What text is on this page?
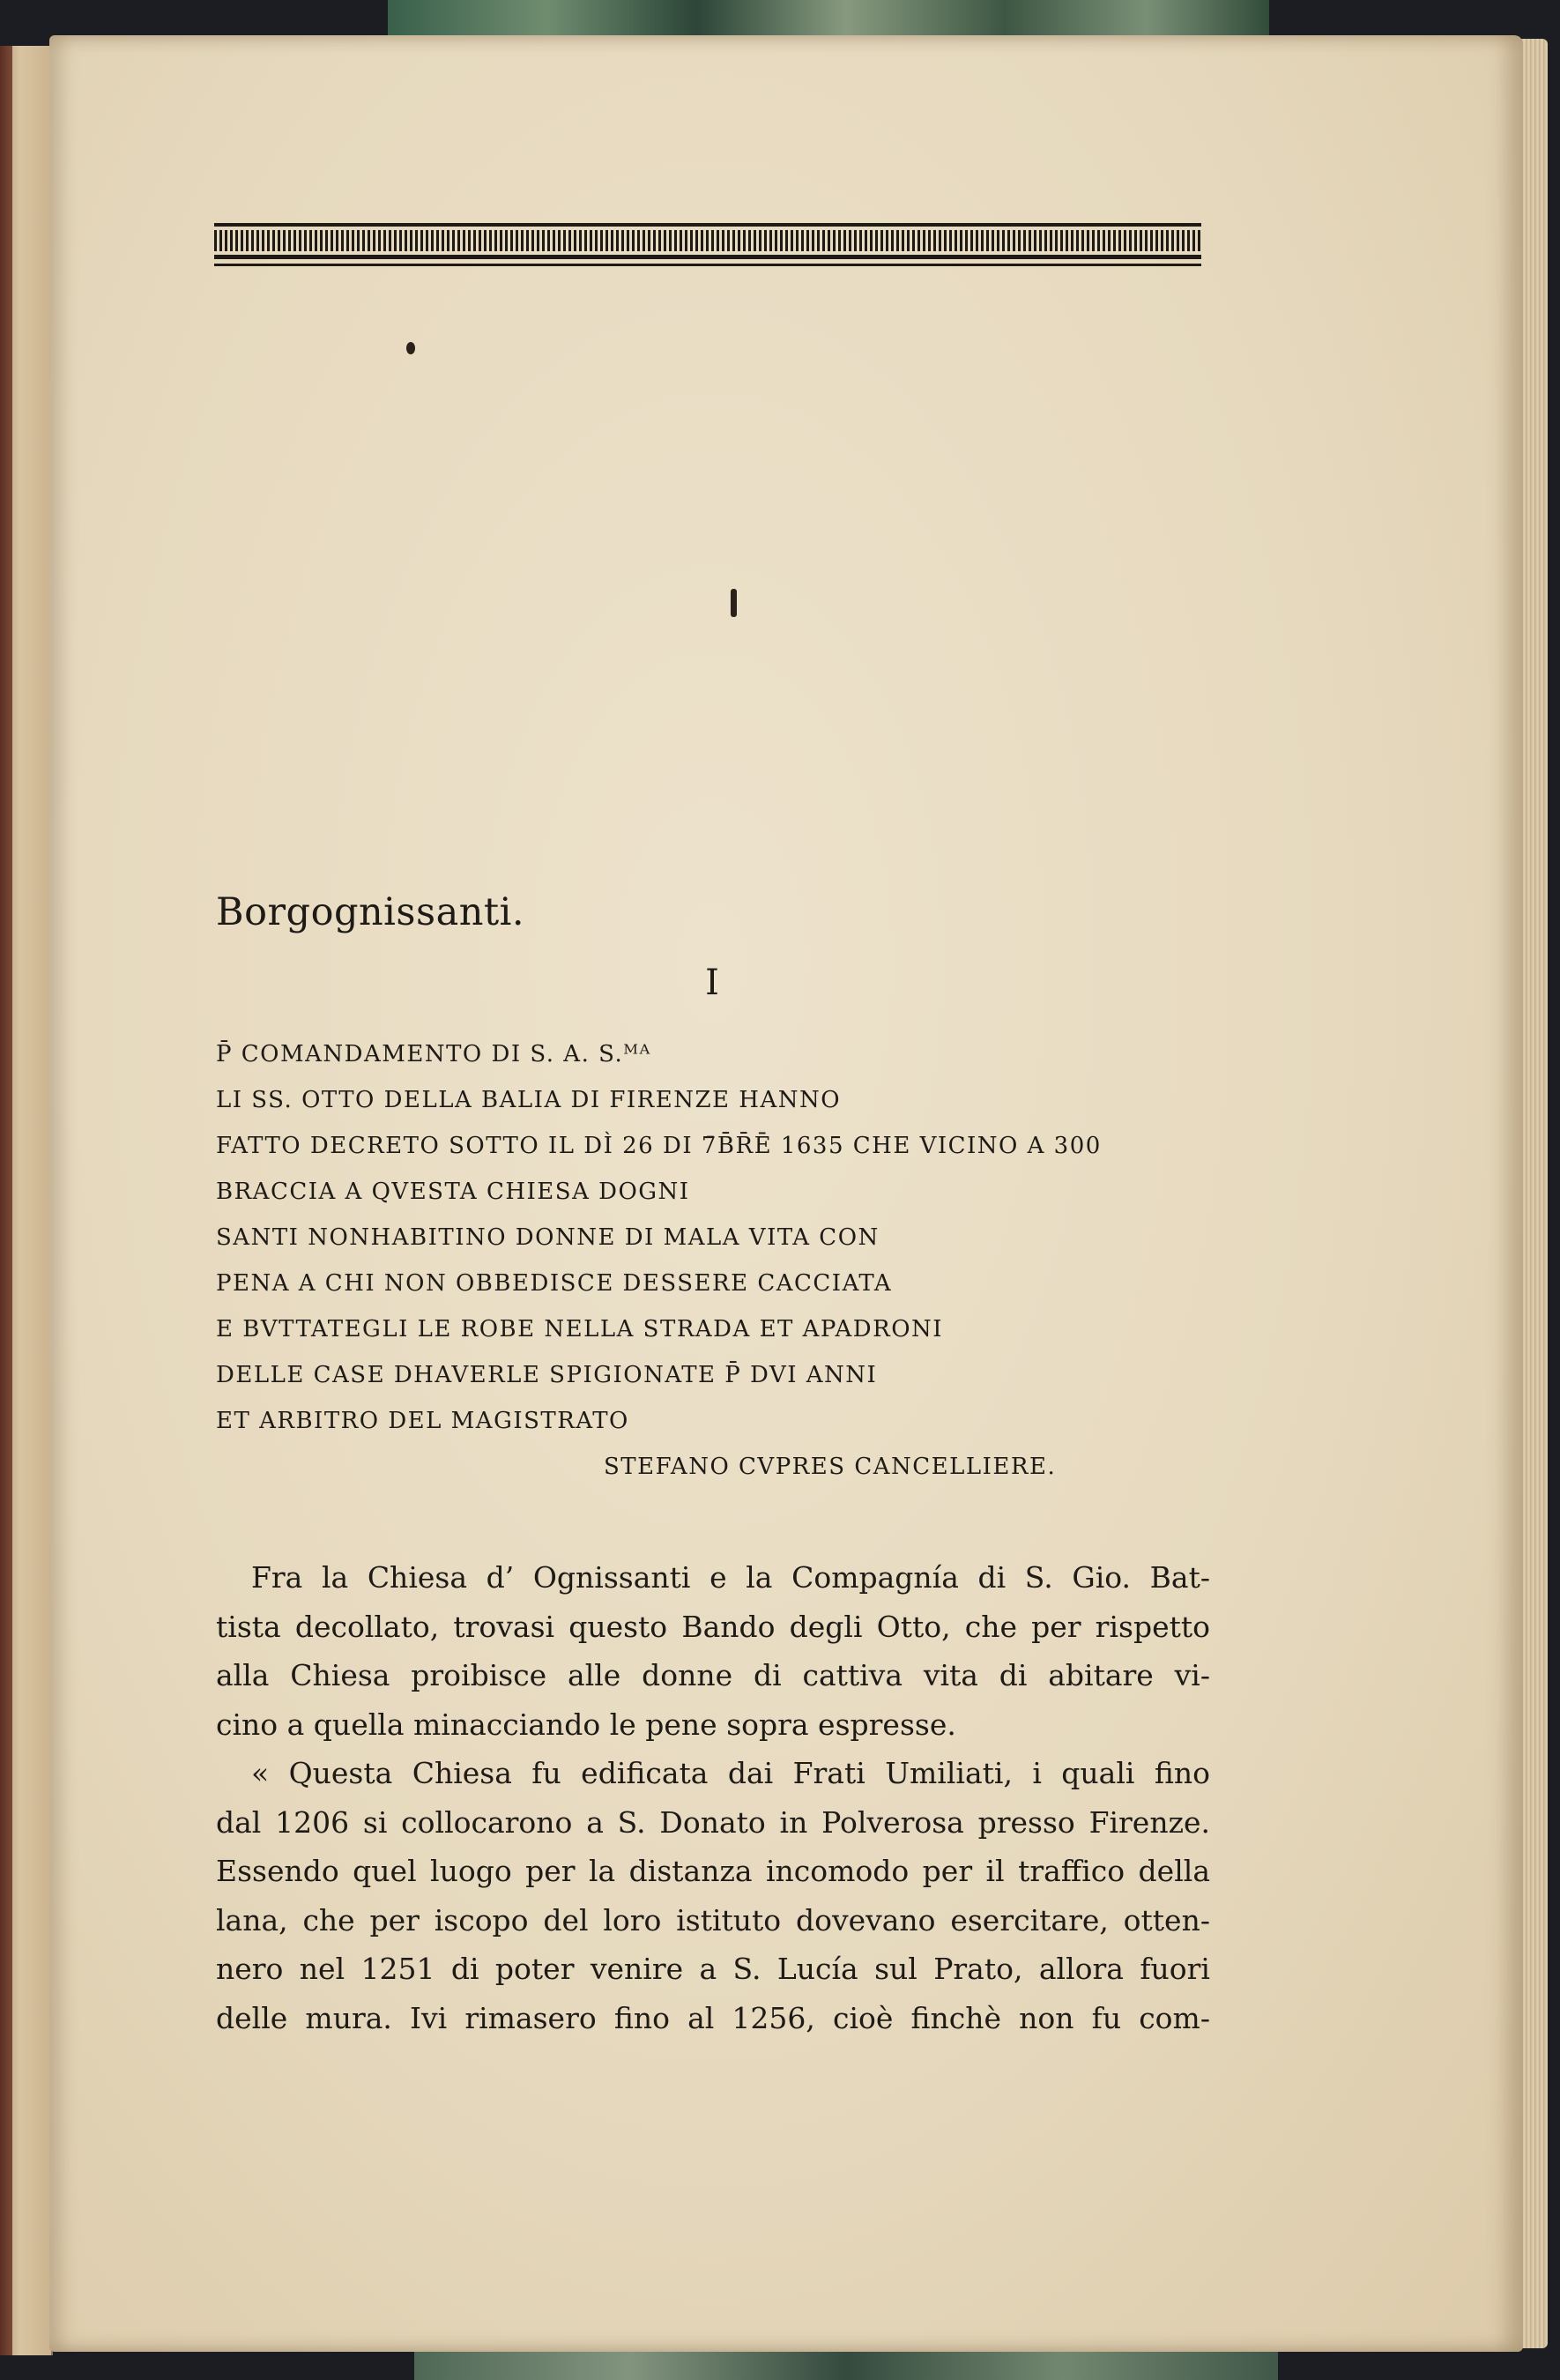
Borgognissanti.
I
P̄ COMANDAMENTO DI S. A. S.ᴹᴬ
LI SS. OTTO DELLA BALIA DI FIRENZE HANNO
FATTO DECRETO SOTTO IL DÌ 26 DI 7̄B̄R̄Ē 1635 CHE VICINO A 300
BRACCIA A QVESTA CHIESA DOGNI
SANTI NONHABITINO DONNE DI MALA VITA CON
PENA A CHI NON OBBEDISCE DESSERE CACCIATA
E BVTTATEGLI LE ROBE NELLA STRADA ET APADRONI
DELLE CASE DHAVERLE SPIGIONATE P̄ DVI ANNI
ET ARBITRO DEL MAGISTRATO
STEFANO CVPRES CANCELLIERE.
Fra la Chiesa d’ Ognissanti e la Compagnía di S. Gio. Bat-
tista decollato, trovasi questo Bando degli Otto, che per rispetto
alla Chiesa proibisce alle donne di cattiva vita di abitare vi-
cino a quella minacciando le pene sopra espresse.
« Questa Chiesa fu edificata dai Frati Umiliati, i quali fino
dal 1206 si collocarono a S. Donato in Polverosa presso Firenze.
Essendo quel luogo per la distanza incomodo per il traffico della
lana, che per iscopo del loro istituto dovevano esercitare, otten-
nero nel 1251 di poter venire a S. Lucía sul Prato, allora fuori
delle mura. Ivi rimasero fino al 1256, cioè finchè non fu com-
